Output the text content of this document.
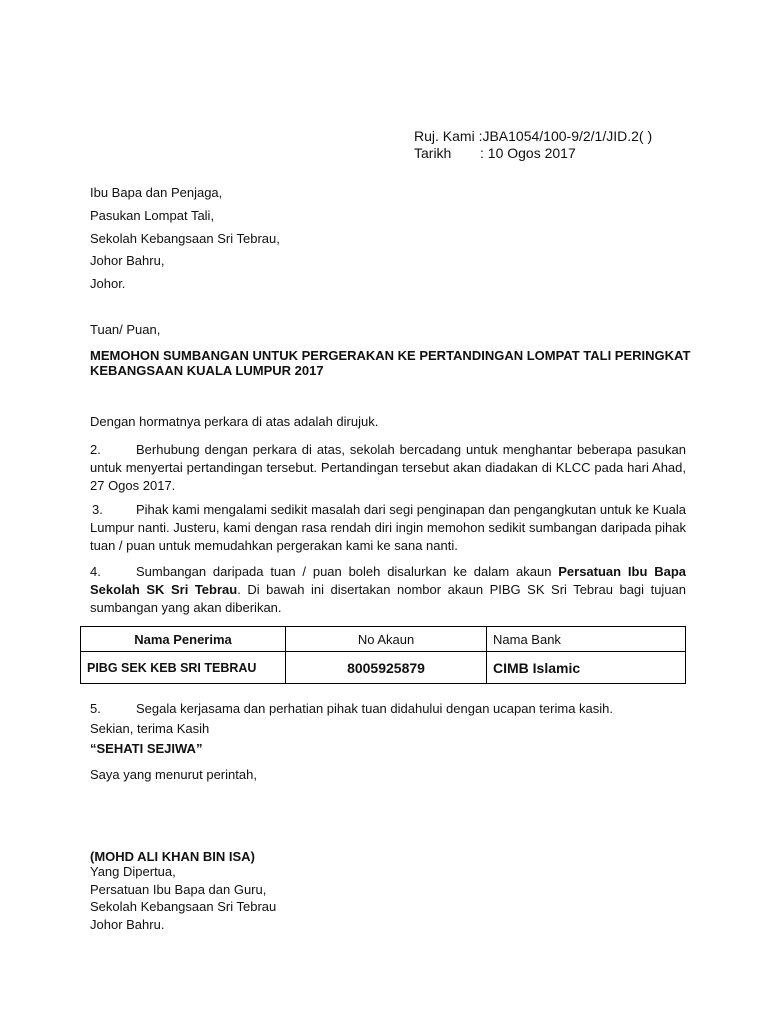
Ruj. Kami :JBA1054/100-9/2/1/JID.2( )
Tarikh : 10 Ogos 2017
Ibu Bapa dan Penjaga,
Pasukan Lompat Tali,
Sekolah Kebangsaan Sri Tebrau,
Johor Bahru,
Johor.
Tuan/ Puan,
MEMOHON SUMBANGAN UNTUK PERGERAKAN KE PERTANDINGAN LOMPAT TALI PERINGKAT
KEBANGSAAN KUALA LUMPUR 2017
Dengan hormatnya perkara di atas adalah dirujuk.
2.	Berhubung dengan perkara di atas, sekolah bercadang untuk menghantar beberapa pasukan untuk menyertai pertandingan tersebut. Pertandingan tersebut akan diadakan di KLCC pada hari Ahad, 27 Ogos 2017.
3.	Pihak kami mengalami sedikit masalah dari segi penginapan dan pengangkutan untuk ke Kuala Lumpur nanti. Justeru, kami dengan rasa rendah diri ingin memohon sedikit sumbangan daripada pihak tuan / puan untuk memudahkan pergerakan kami ke sana nanti.
4.	Sumbangan daripada tuan / puan boleh disalurkan ke dalam akaun Persatuan Ibu Bapa Sekolah SK Sri Tebrau. Di bawah ini disertakan nombor akaun PIBG SK Sri Tebrau bagi tujuan sumbangan yang akan diberikan.
Nama Penerima	No Akaun	Nama Bank
PIBG SEK KEB SRI TEBRAU	8005925879	CIMB Islamic
5.	Segala kerjasama dan perhatian pihak tuan didahului dengan ucapan terima kasih.
Sekian, terima Kasih
“SEHATI SEJIWA”
Saya yang menurut perintah,
(MOHD ALI KHAN BIN ISA)
Yang Dipertua,
Persatuan Ibu Bapa dan Guru,
Sekolah Kebangsaan Sri Tebrau
Johor Bahru.
